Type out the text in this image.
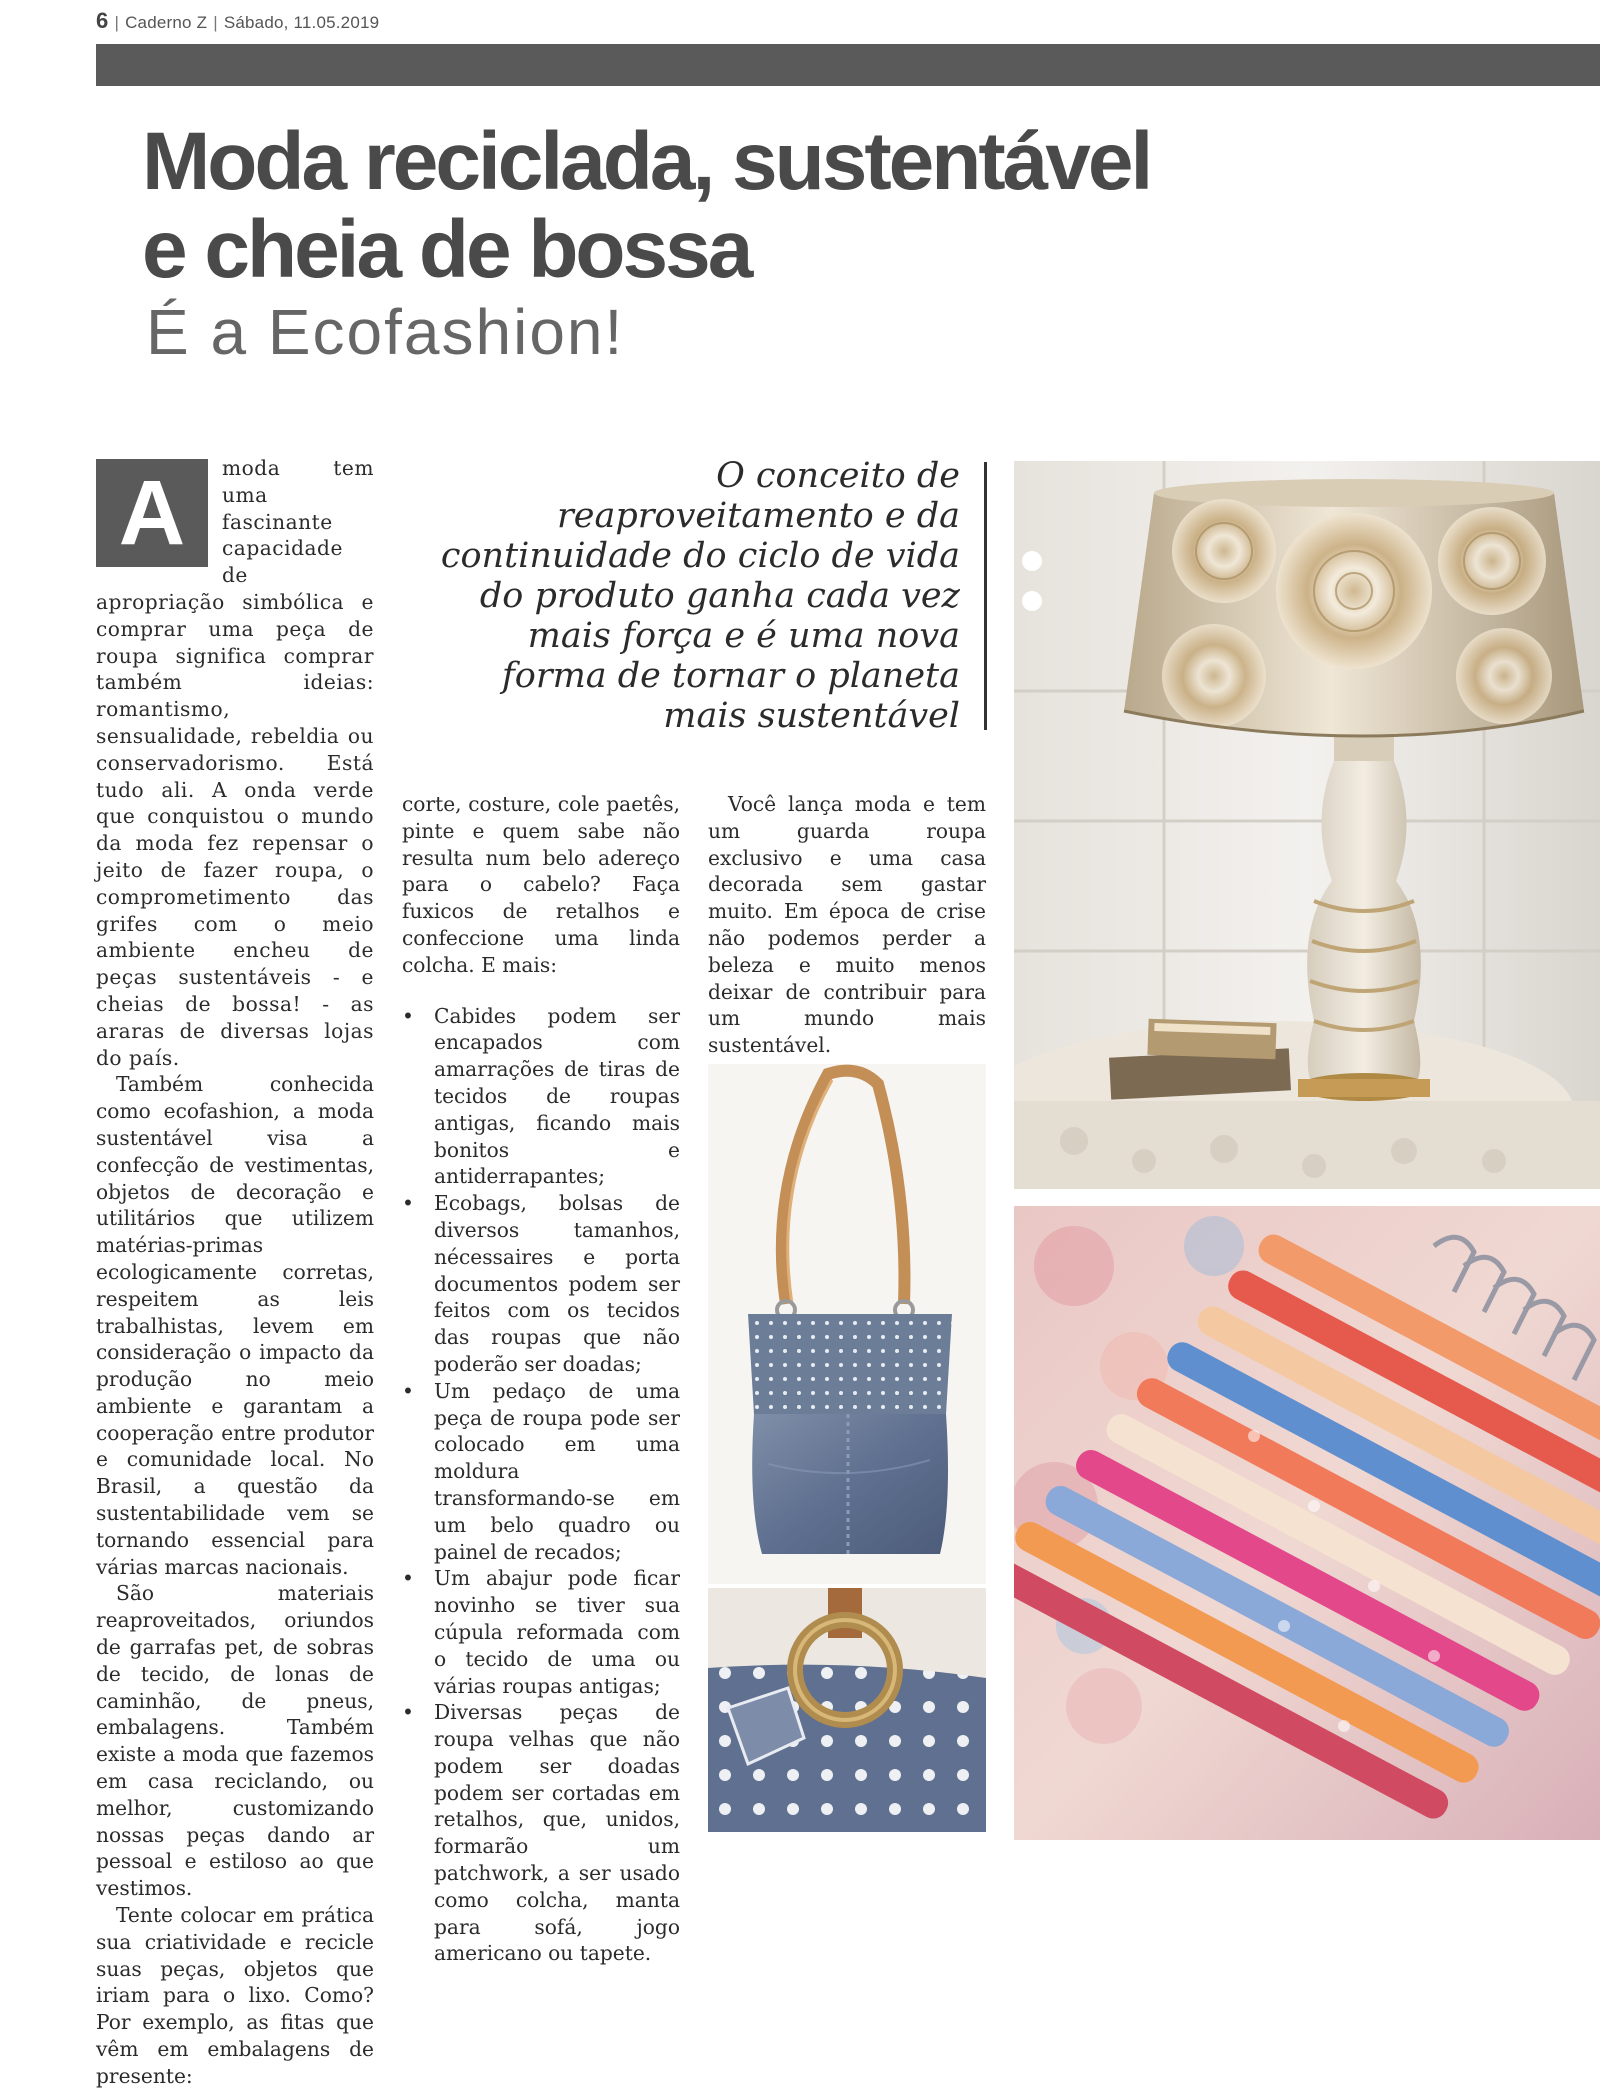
6 | Caderno Z | Sábado, 11.05.2019
Moda reciclada, sustentável
e cheia de bossa
É a Ecofashion!
A	moda tem uma fascinante capacidade de apropriação simbólica e comprar uma peça de roupa significa comprar também ideias: romantismo, sensualidade, rebeldia ou conservadorismo. Está tudo ali. A onda verde que conquistou o mundo da moda fez repensar o jeito de fazer roupa, o comprometimento das grifes com o meio ambiente encheu de peças sustentáveis - e cheias de bossa! - as araras de diversas lojas do país.

Também conhecida como ecofashion, a moda sustentável visa a confecção de vestimentas, objetos de decoração e utilitários que utilizem matérias-primas ecologicamente corretas, respeitem as leis trabalhistas, levem em consideração o impacto da produção no meio ambiente e garantam a cooperação entre produtor e comunidade local. No Brasil, a questão da sustentabilidade vem se tornando essencial para várias marcas nacionais.

São materiais reaproveitados, oriundos de garrafas pet, de sobras de tecido, de lonas de caminhão, de pneus, embalagens. Também existe a moda que fazemos em casa reciclando, ou melhor, customizando nossas peças dando ar pessoal e estiloso ao que vestimos.

Tente colocar em prática sua criatividade e recicle suas peças, objetos que iriam para o lixo. Como? Por exemplo, as fitas que vêm em embalagens de presente:

O conceito de reaproveitamento e da continuidade do ciclo de vida do produto ganha cada vez mais força e é uma nova forma de tornar o planeta mais sustentável

corte, costure, cole paetês, pinte e quem sabe não resulta num belo adereço para o cabelo? Faça fuxicos de retalhos e confeccione uma linda colcha. E mais:

• Cabides podem ser encapados com amarrações de tiras de tecidos de roupas antigas, ficando mais bonitos e antiderrapantes;
• Ecobags, bolsas de diversos tamanhos, nécessaires e porta documentos podem ser feitos com os tecidos das roupas que não poderão ser doadas;
• Um pedaço de uma peça de roupa pode ser colocado em uma moldura transformando-se em um belo quadro ou painel de recados;
• Um abajur pode ficar novinho se tiver sua cúpula reformada com o tecido de uma ou várias roupas antigas;
• Diversas peças de roupa velhas que não podem ser doadas podem ser cortadas em retalhos, que, unidos, formarão um patchwork, a ser usado como colcha, manta para sofá, jogo americano ou tapete.

Você lança moda e tem um guarda roupa exclusivo e uma casa decorada sem gastar muito. Em época de crise não podemos perder a beleza e muito menos deixar de contribuir para um mundo mais sustentável.
